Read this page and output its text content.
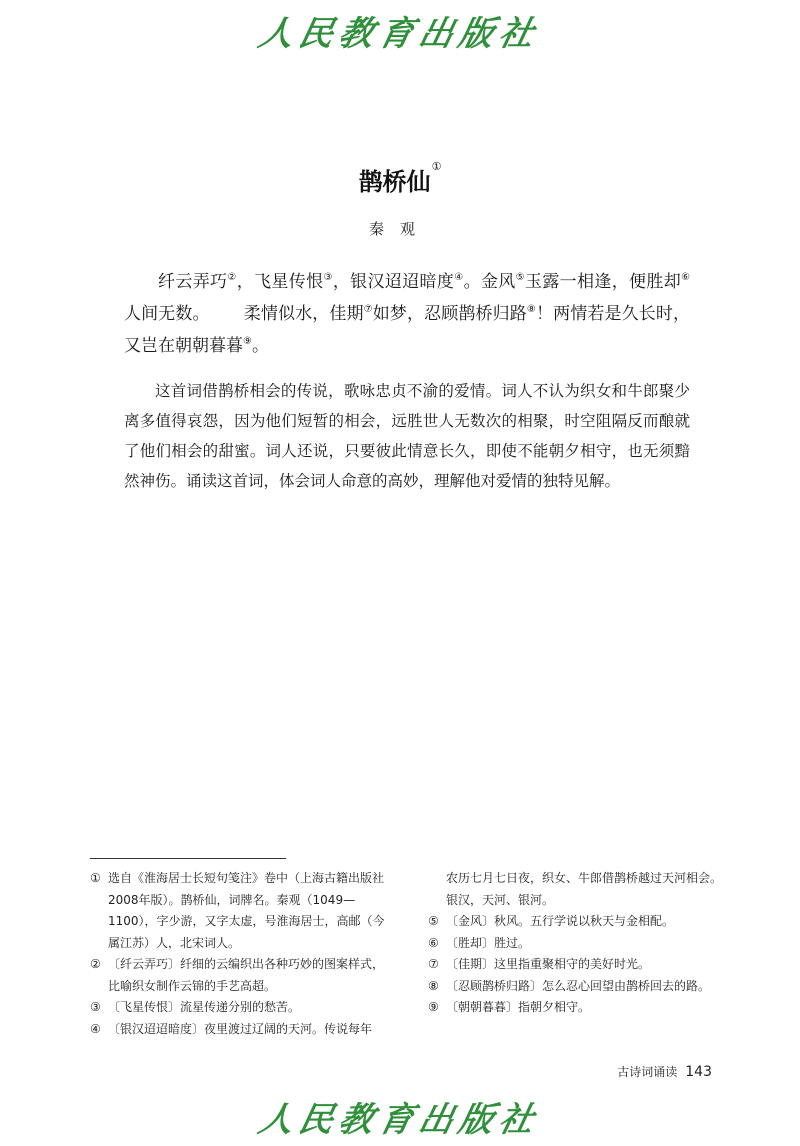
人民教育出版社
鹊桥仙①
秦观

纤云弄巧②，飞星传恨③，银汉迢迢暗度④。金风⑤玉露一相逢，便胜却⑥人间无数。 柔情似水，佳期⑦如梦，忍顾鹊桥归路⑧！两情若是久长时，又岂在朝朝暮暮⑨。

这首词借鹊桥相会的传说，歌咏忠贞不渝的爱情。词人不认为织女和牛郎聚少离多值得哀怨，因为他们短暂的相会，远胜世人无数次的相聚，时空阻隔反而酿就了他们相会的甜蜜。词人还说，只要彼此情意长久，即使不能朝夕相守，也无须黯然神伤。诵读这首词，体会词人命意的高妙，理解他对爱情的独特见解。

① 选自《淮海居士长短句笺注》卷中（上海古籍出版社2008年版）。鹊桥仙，词牌名。秦观（1049—1100），字少游，又字太虚，号淮海居士，高邮（今属江苏）人，北宋词人。
② 〔纤云弄巧〕纤细的云编织出各种巧妙的图案样式，比喻织女制作云锦的手艺高超。
③ 〔飞星传恨〕流星传递分别的愁苦。
④ 〔银汉迢迢暗度〕夜里渡过辽阔的天河。传说每年
农历七月七日夜，织女、牛郎借鹊桥越过天河相会。银汉，天河、银河。
⑤ 〔金风〕秋风。五行学说以秋天与金相配。
⑥ 〔胜却〕胜过。
⑦ 〔佳期〕这里指重聚相守的美好时光。
⑧ 〔忍顾鹊桥归路〕怎么忍心回望由鹊桥回去的路。
⑨ 〔朝朝暮暮〕指朝夕相守。
古诗词诵读 143
人民教育出版社
